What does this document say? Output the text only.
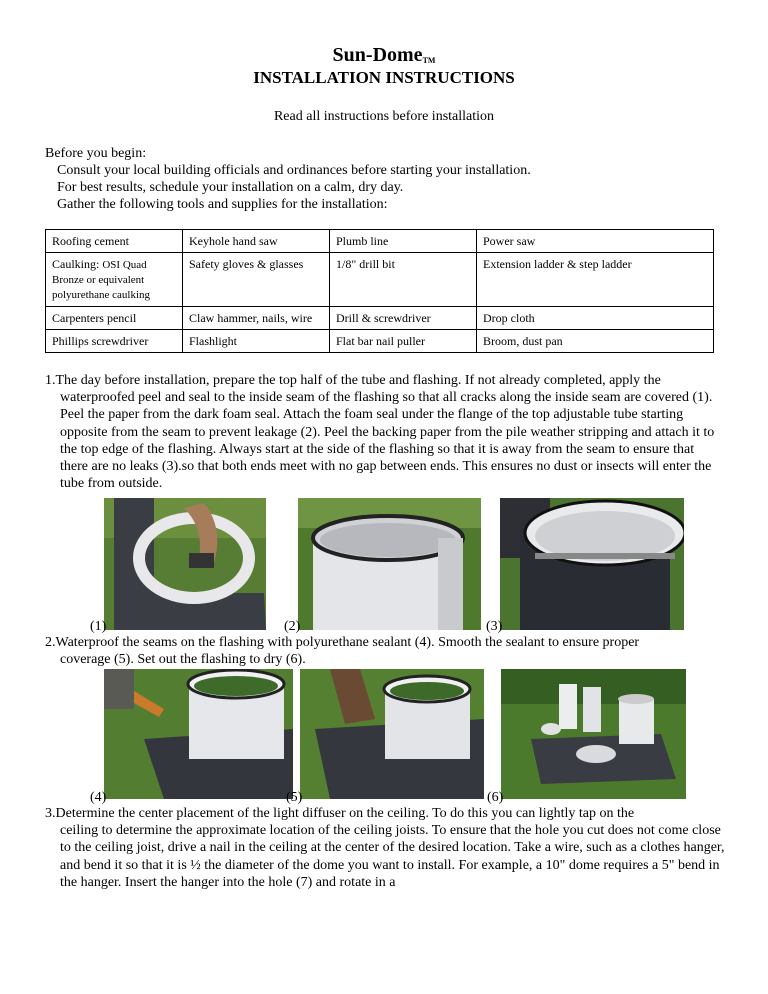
Sun-Dome$_{TM}$
INSTALLATION INSTRUCTIONS
Read all instructions before installation
Before you begin:
Consult your local building officials and ordinances before starting your installation.
For best results, schedule your installation on a calm, dry day.
Gather the following tools and supplies for the installation:
Roofing cement	Keyhole hand saw	Plumb line	Power saw
Caulking: OSI Quad Bronze or equivalent polyurethane caulking	Safety gloves & glasses	1/8" drill bit	Extension ladder & step ladder
Carpenters pencil	Claw hammer, nails, wire	Drill & screwdriver	Drop cloth
Phillips screwdriver	Flashlight	Flat bar nail puller	Broom, dust pan
1.The day before installation, prepare the top half of the tube and flashing. If not already completed, apply the
waterproofed peel and seal to the inside seam of the flashing so that all cracks along the inside seam are covered (1). Peel the paper from the dark foam seal. Attach the foam seal under the flange of the top adjustable tube starting opposite from the seam to prevent leakage (2). Peel the backing paper from the pile weather stripping and attach it to the top edge of the flashing. Always start at the side of the flashing so that it is away from the seam to ensure that there are no leaks (3).so that both ends meet with no gap between ends. This ensures no dust or insects will enter the tube from outside.
(1)	(2)	(3)
2.Waterproof the seams on the flashing with polyurethane sealant (4). Smooth the sealant to ensure proper
coverage (5). Set out the flashing to dry (6).
(4)	(5)	(6)
3.Determine the center placement of the light diffuser on the ceiling. To do this you can lightly tap on the
ceiling to determine the approximate location of the ceiling joists. To ensure that the hole you cut does not come close to the ceiling joist, drive a nail in the ceiling at the center of the desired location. Take a wire, such as a clothes hanger, and bend it so that it is ½ the diameter of the dome you want to install. For example, a 10" dome requires a 5" bend in the hanger. Insert the hanger into the hole (7) and rotate in a
